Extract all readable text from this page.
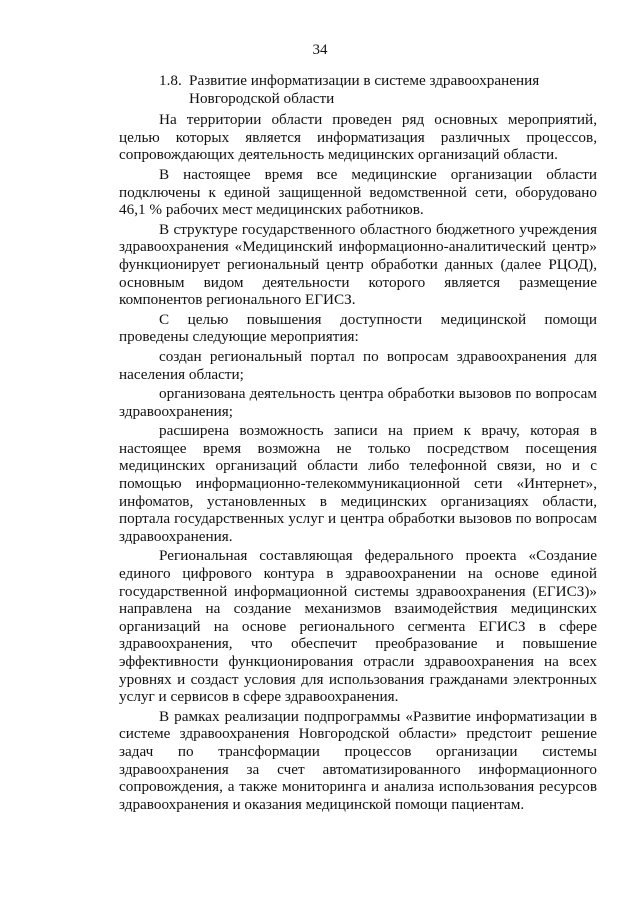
34
1.8. Развитие информатизации в системе здравоохранения
Новгородской области

На территории области проведен ряд основных мероприятий, целью которых является информатизация различных процессов, сопровождающих деятельность медицинских организаций области.

В настоящее время все медицинские организации области подключены к единой защищенной ведомственной сети, оборудовано 46,1 % рабочих мест медицинских работников.

В структуре государственного областного бюджетного учреждения здравоохранения «Медицинский информационно-аналитический центр» функционирует региональный центр обработки данных (далее РЦОД), основным видом деятельности которого является размещение компонентов регионального ЕГИСЗ.

С целью повышения доступности медицинской помощи проведены следующие мероприятия:

создан региональный портал по вопросам здравоохранения для населения области;

организована деятельность центра обработки вызовов по вопросам здравоохранения;

расширена возможность записи на прием к врачу, которая в настоящее время возможна не только посредством посещения медицинских организаций области либо телефонной связи, но и с помощью информационно-телекоммуникационной сети «Интернет», инфоматов, установленных в медицинских организациях области, портала государственных услуг и центра обработки вызовов по вопросам здравоохранения.

Региональная составляющая федерального проекта «Создание единого цифрового контура в здравоохранении на основе единой государственной информационной системы здравоохранения (ЕГИСЗ)» направлена на создание механизмов взаимодействия медицинских организаций на основе регионального сегмента ЕГИСЗ в сфере здравоохранения, что обеспечит преобразование и повышение эффективности функционирования отрасли здравоохранения на всех уровнях и создаст условия для использования гражданами электронных услуг и сервисов в сфере здравоохранения.

В рамках реализации подпрограммы «Развитие информатизации в системе здравоохранения Новгородской области» предстоит решение задач по трансформации процессов организации системы здравоохранения за счет автоматизированного информационного сопровождения, а также мониторинга и анализа использования ресурсов здравоохранения и оказания медицинской помощи пациентам.
